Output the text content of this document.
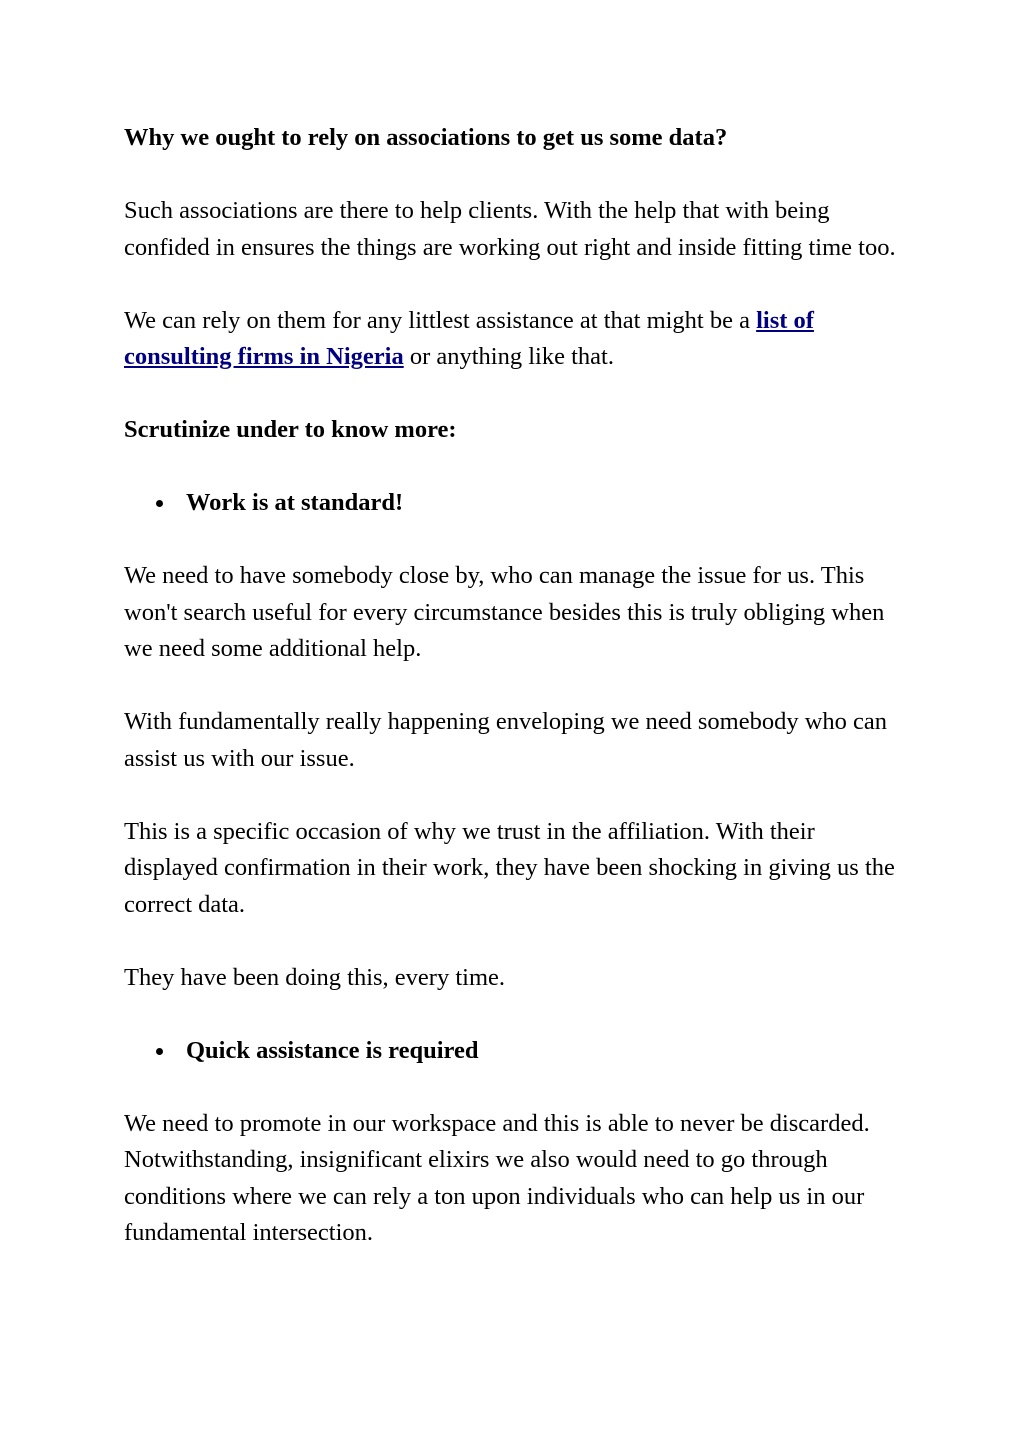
Why we ought to rely on associations to get us some data?

Such associations are there to help clients. With the help that with being confided in ensures the things are working out right and inside fitting time too.

We can rely on them for any littlest assistance at that might be a list of consulting firms in Nigeria or anything like that.

Scrutinize under to know more:

Work is at standard!

We need to have somebody close by, who can manage the issue for us. This won't search useful for every circumstance besides this is truly obliging when we need some additional help.

With fundamentally really happening enveloping we need somebody who can assist us with our issue.

This is a specific occasion of why we trust in the affiliation. With their displayed confirmation in their work, they have been shocking in giving us the correct data.

They have been doing this, every time.

Quick assistance is required

We need to promote in our workspace and this is able to never be discarded. Notwithstanding, insignificant elixirs we also would need to go through conditions where we can rely a ton upon individuals who can help us in our fundamental intersection.
